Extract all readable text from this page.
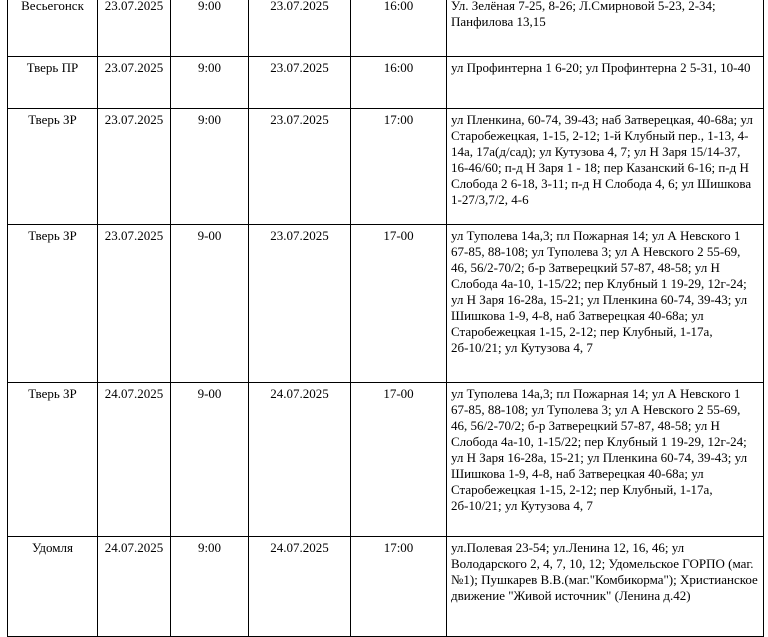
Весьегонск	23.07.2025	9:00	23.07.2025	16:00	Ул. Зелёная 7-25, 8-26; Л.Смирновой 5-23, 2-34; Панфилова 13,15
Тверь ПР	23.07.2025	9:00	23.07.2025	16:00	ул Профинтерна 1 6-20; ул Профинтерна 2 5-31, 10-40
Тверь ЗР	23.07.2025	9:00	23.07.2025	17:00	ул Пленкина, 60-74, 39-43; наб Затверецкая, 40-68а; ул Старобежецкая, 1-15, 2-12; 1-й Клубный пер., 1-13, 4-14а, 17а(д/сад); ул Кутузова 4, 7; ул Н Заря 15/14-37, 16-46/60; п-д Н Заря 1 - 18; пер Казанский 6-16; п-д Н Слобода 2 6-18, 3-11; п-д Н Слобода 4, 6; ул Шишкова 1-27/3,7/2, 4-6
Тверь ЗР	23.07.2025	9-00	23.07.2025	17-00	ул Туполева 14а,3; пл Пожарная 14; ул А Невского 1 67-85, 88-108; ул Туполева 3; ул А Невского 2 55-69, 46, 56/2-70/2; б-р Затверецкий 57-87, 48-58; ул Н Слобода 4а-10, 1-15/22; пер Клубный 1 19-29, 12г-24; ул Н Заря 16-28а, 15-21; ул Пленкина 60-74, 39-43; ул Шишкова 1-9, 4-8, наб Затверецкая 40-68а; ул Старобежецкая 1-15, 2-12; пер Клубный, 1-17а, 2б-10/21; ул Кутузова 4, 7
Тверь ЗР	24.07.2025	9-00	24.07.2025	17-00	ул Туполева 14а,3; пл Пожарная 14; ул А Невского 1 67-85, 88-108; ул Туполева 3; ул А Невского 2 55-69, 46, 56/2-70/2; б-р Затверецкий 57-87, 48-58; ул Н Слобода 4а-10, 1-15/22; пер Клубный 1 19-29, 12г-24; ул Н Заря 16-28а, 15-21; ул Пленкина 60-74, 39-43; ул Шишкова 1-9, 4-8, наб Затверецкая 40-68а; ул Старобежецкая 1-15, 2-12; пер Клубный, 1-17а, 2б-10/21; ул Кутузова 4, 7
Удомля	24.07.2025	9:00	24.07.2025	17:00	ул.Полевая 23-54; ул.Ленина 12, 16, 46; ул Володарского 2, 4, 7, 10, 12; Удомельское ГОРПО (маг.№1); Пушкарев В.В.(маг."Комбикорма"); Христианское движение "Живой источник" (Ленина д.42)
